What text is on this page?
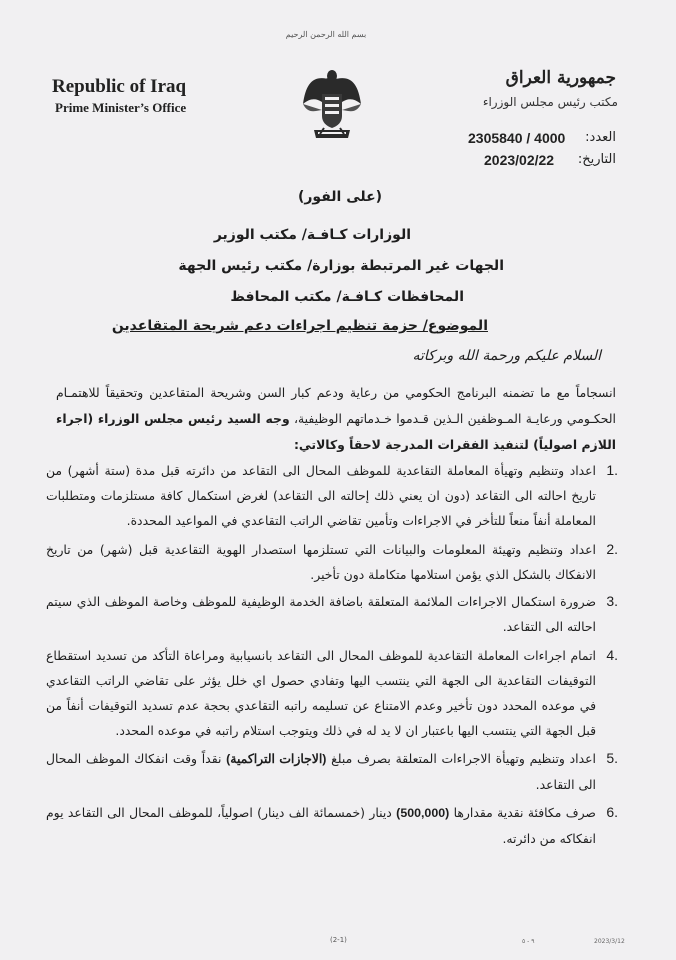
بسم الله الرحمن الرحيم
Republic of Iraq
Prime Minister’s Office
جمهورية العراق
مكتب رئيس مجلس الوزراء
العدد:
2305840 / 4000
التاريخ:
2023/02/22
(على الفور)
الوزارات كـافـة/ مكتب الوزير
الجهات غير المرتبطة بوزارة/ مكتب رئيس الجهة
المحافظات كـافـة/ مكتب المحافظ
الموضوع/ حزمة تنظيم اجراءات دعم شريحة المتقاعدين
السلام عليكم ورحمة الله وبركاته
انسجاماً مع ما تضمنه البرنامج الحكومي من رعاية ودعم كبار السن وشريحة المتقاعدين وتحقيقاً للاهتمـام الحكـومي ورعايـة المـوظفين الـذين قـدموا خـدماتهم الوظيفية، وجه السيد رئيس مجلس الوزراء (اجراء اللازم اصولياً) لتنفيذ الفقرات المدرجة لاحقاً وكالاتي:
.1
اعداد وتنظيم وتهيأة المعاملة التقاعدية للموظف المحال الى التقاعد من دائرته قبل مدة (ستة أشهر) من تاريخ احالته الى التقاعد (دون ان يعني ذلك إحالته الى التقاعد) لغرض استكمال كافة مستلزمات ومتطلبات المعاملة أنفاً منعاً للتأخر في الاجراءات وتأمين تقاضي الراتب التقاعدي في المواعيد المحددة.
.2
اعداد وتنظيم وتهيئة المعلومات والبيانات التي تستلزمها استصدار الهوية التقاعدية قبل (شهر) من تاريخ الانفكاك بالشكل الذي يؤمن استلامها متكاملة دون تأخير.
.3
ضرورة استكمال الاجراءات الملائمة المتعلقة باضافة الخدمة الوظيفية للموظف وخاصة الموظف الذي سيتم احالته الى التقاعد.
.4
اتمام اجراءات المعاملة التقاعدية للموظف المحال الى التقاعد بانسيابية ومراعاة التأكد من تسديد استقطاع التوقيفات التقاعدية الى الجهة التي ينتسب اليها وتفادي حصول اي خلل يؤثر على تقاضي الراتب التقاعدي في موعده المحدد دون تأخير وعدم الامتناع عن تسليمه راتبه التقاعدي بحجة عدم تسديد التوقيفات أنفاً من قبل الجهة التي ينتسب اليها باعتبار ان لا يد له في ذلك ويتوجب استلام راتبه في موعده المحدد.
.5
اعداد وتنظيم وتهيأة الاجراءات المتعلقة بصرف مبلغ (الاجازات التراكمية) نقداً وقت انفكاك الموظف المحال الى التقاعد.
.6
صرف مكافئة نقدية مقدارها (500,000) دينار (خمسمائة الف دينار) اصولياً، للموظف المحال الى التقاعد يوم انفكاكه من دائرته.
(2-1)	٩ - ٥	2023/3/12
